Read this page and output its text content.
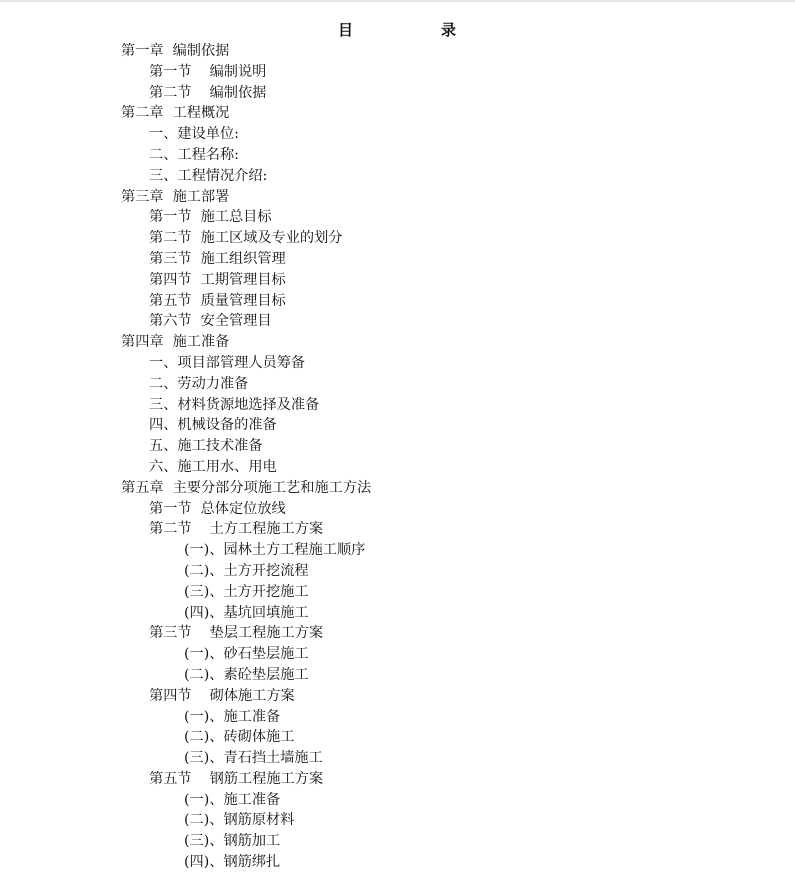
目	录
第一章  编制依据
第一节    编制说明
第二节    编制依据
第二章  工程概况
一、建设单位:
二、工程名称:
三、工程情况介绍:
第三章  施工部署
第一节  施工总目标
第二节  施工区域及专业的划分
第三节  施工组织管理
第四节  工期管理目标
第五节  质量管理目标
第六节  安全管理目
第四章  施工准备
一、项目部管理人员筹备
二、劳动力准备
三、材料货源地选择及准备
四、机械设备的准备
五、施工技术准备
六、施工用水、用电
第五章  主要分部分项施工艺和施工方法
第一节  总体定位放线
第二节    土方工程施工方案
(一)、园林土方工程施工顺序
(二)、土方开挖流程
(三)、土方开挖施工
(四)、基坑回填施工
第三节    垫层工程施工方案
(一)、砂石垫层施工
(二)、素砼垫层施工
第四节    砌体施工方案
(一)、施工准备
(二)、砖砌体施工
(三)、青石挡土墙施工
第五节    钢筋工程施工方案
(一)、施工准备
(二)、钢筋原材料
(三)、钢筋加工
(四)、钢筋绑扎
